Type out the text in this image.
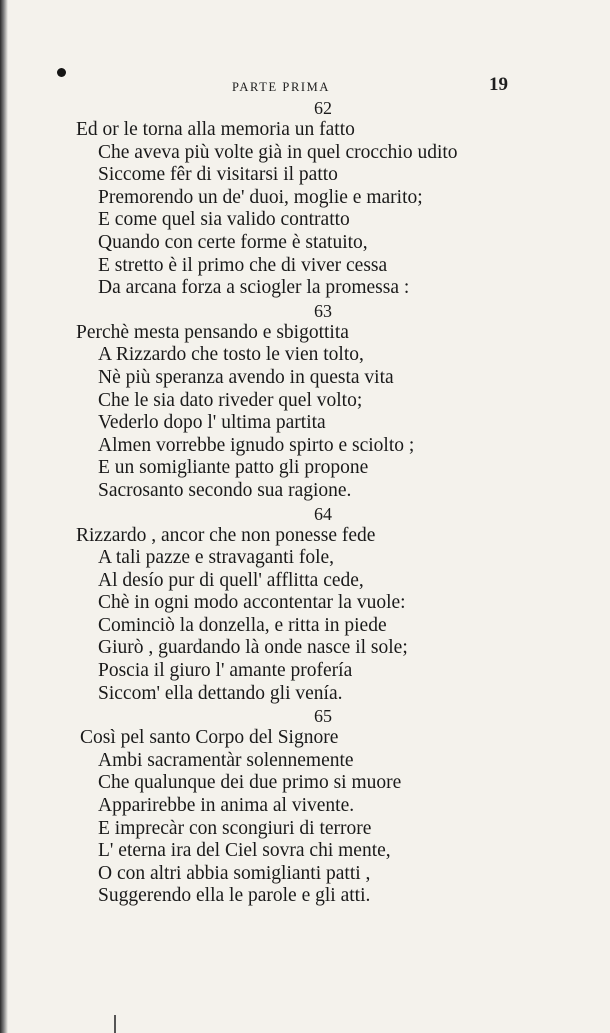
PARTE PRIMA	19
62
Ed or le torna alla memoria un fatto
Che aveva più volte già in quel crocchio udito
Siccome fêr di visitarsi il patto
Premorendo un de' duoi, moglie e marito;
E come quel sia valido contratto
Quando con certe forme è statuito,
E stretto è il primo che di viver cessa
Da arcana forza a sciogler la promessa :
63
Perchè mesta pensando e sbigottita
A Rizzardo che tosto le vien tolto,
Nè più speranza avendo in questa vita
Che le sia dato riveder quel volto;
Vederlo dopo l' ultima partita
Almen vorrebbe ignudo spirto e sciolto ;
E un somigliante patto gli propone
Sacrosanto secondo sua ragione.
64
Rizzardo , ancor che non ponesse fede
A tali pazze e stravaganti fole,
Al desío pur di quell' afflitta cede,
Chè in ogni modo accontentar la vuole:
Cominciò la donzella, e ritta in piede
Giurò , guardando là onde nasce il sole;
Poscia il giuro l' amante profería
Siccom' ella dettando gli venía.
65
Così pel santo Corpo del Signore
Ambi sacramentàr solennemente
Che qualunque dei due primo si muore
Apparirebbe in anima al vivente.
E imprecàr con scongiuri di terrore
L' eterna ira del Ciel sovra chi mente,
O con altri abbia somiglianti patti ,
Suggerendo ella le parole e gli atti.
